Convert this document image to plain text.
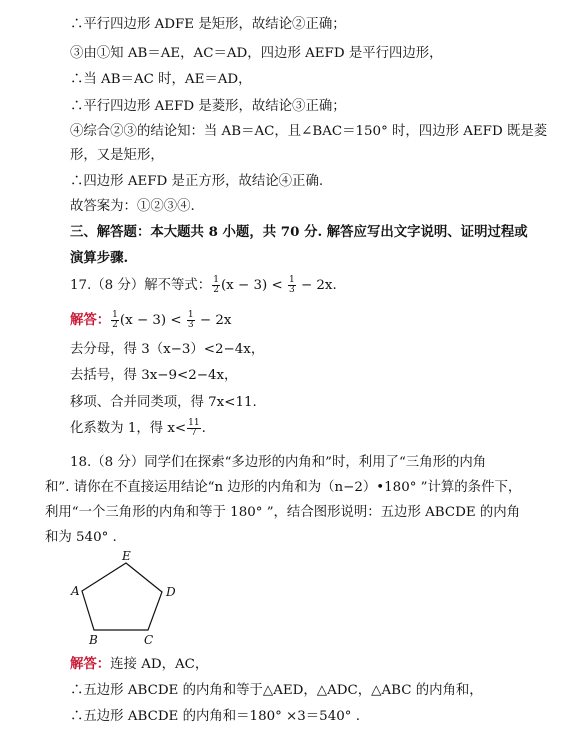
∴平行四边形 ADFE 是矩形，故结论②正确；
③由①知 AB＝AE，AC＝AD，四边形 AEFD 是平行四边形，
∴当 AB＝AC 时，AE＝AD，
∴平行四边形 AEFD 是菱形，故结论③正确；
④综合②③的结论知：当 AB＝AC，且∠BAC＝150° 时，四边形 AEFD 既是菱
形，又是矩形，
∴四边形 AEFD 是正方形，故结论④正确.
故答案为：①②③④.
三、解答题：本大题共 8 小题，共 70 分. 解答应写出文字说明、证明过程或
演算步骤.
17.（8 分）解不等式： $\frac{1}{2} (x - 3) < \frac{1}{3} - 2x$.
解答： $\frac{1}{2} (x - 3) < \frac{1}{3} - 2x$
去分母，得 3（x−3）<2−4x，
去括号，得 3x−9<2−4x，
移项、合并同类项，得 7x<11.
化系数为 1，得 $x< \frac{11}{7}$ .
18.（8 分）同学们在探索“多边形的内角和”时，利用了“三角形的内角
和”. 请你在不直接运用结论“n 边形的内角和为（n−2）•180° ”计算的条件下，
利用“一个三角形的内角和等于 180° ”，结合图形说明：五边形 ABCDE 的内角
和为 540° .
E
A	D
B	C
解答：连接 AD，AC，
∴五边形 ABCDE 的内角和等于△AED，△ADC，△ABC 的内角和，
∴五边形 ABCDE 的内角和＝180° ×3＝540° .
